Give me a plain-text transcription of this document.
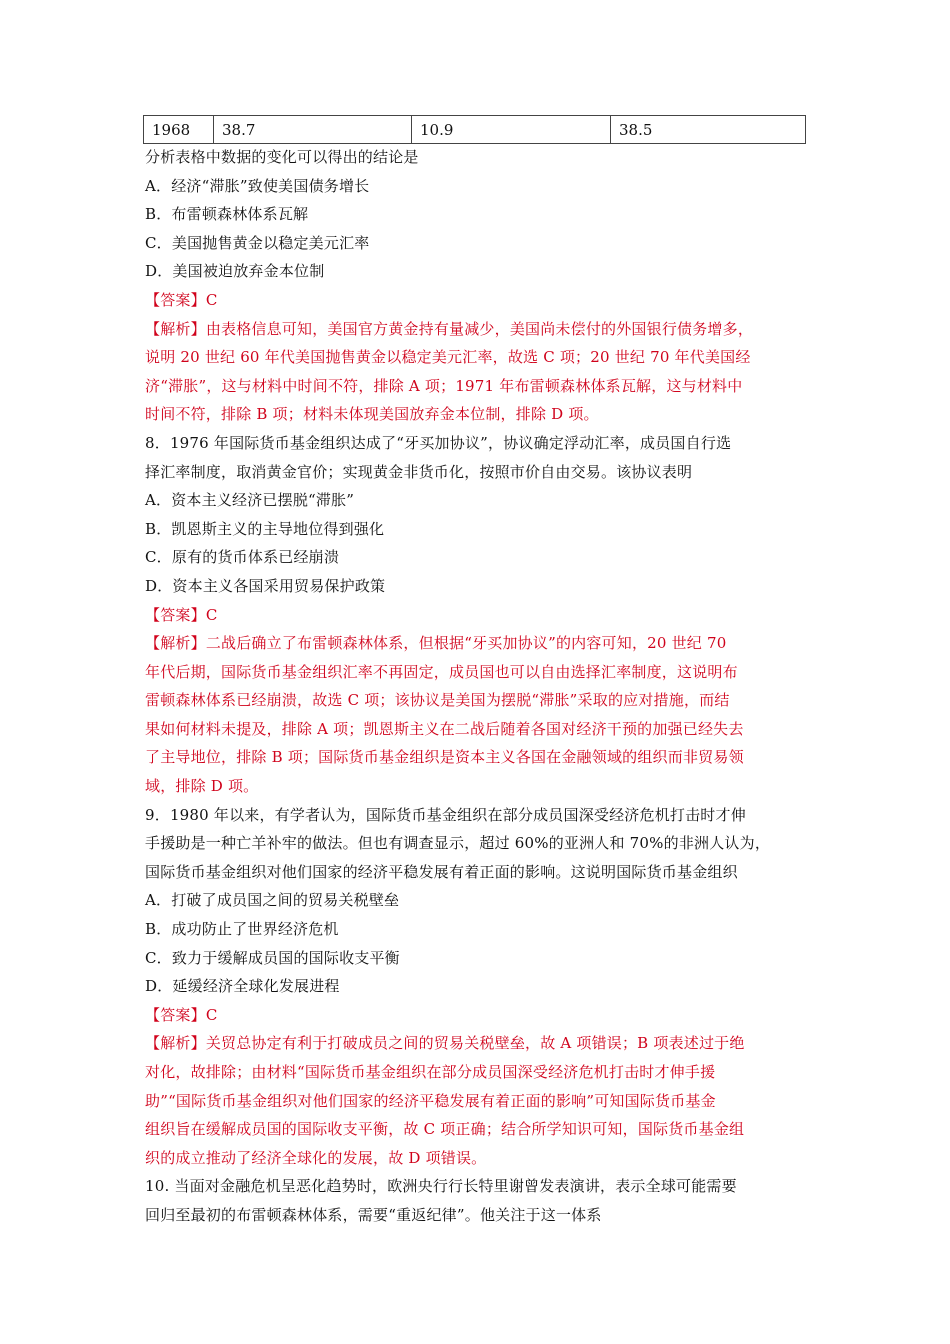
1968	38.7	10.9	38.5
分析表格中数据的变化可以得出的结论是
A．经济“滞胀”致使美国债务增长
B．布雷顿森林体系瓦解
C．美国抛售黄金以稳定美元汇率
D．美国被迫放弃金本位制
【答案】C
【解析】由表格信息可知，美国官方黄金持有量减少，美国尚未偿付的外国银行债务增多，
说明 20 世纪 60 年代美国抛售黄金以稳定美元汇率，故选 C 项；20 世纪 70 年代美国经
济“滞胀”，这与材料中时间不符，排除 A 项；1971 年布雷顿森林体系瓦解，这与材料中
时间不符，排除 B 项；材料未体现美国放弃金本位制，排除 D 项。
8．1976 年国际货币基金组织达成了“牙买加协议”，协议确定浮动汇率，成员国自行选
择汇率制度，取消黄金官价；实现黄金非货币化，按照市价自由交易。该协议表明
A．资本主义经济已摆脱“滞胀”
B．凯恩斯主义的主导地位得到强化
C．原有的货币体系已经崩溃
D．资本主义各国采用贸易保护政策
【答案】C
【解析】二战后确立了布雷顿森林体系，但根据“牙买加协议”的内容可知，20 世纪 70
年代后期，国际货币基金组织汇率不再固定，成员国也可以自由选择汇率制度，这说明布
雷顿森林体系已经崩溃，故选 C 项；该协议是美国为摆脱“滞胀”采取的应对措施，而结
果如何材料未提及，排除 A 项；凯恩斯主义在二战后随着各国对经济干预的加强已经失去
了主导地位，排除 B 项；国际货币基金组织是资本主义各国在金融领域的组织而非贸易领
域，排除 D 项。
9．1980 年以来，有学者认为，国际货币基金组织在部分成员国深受经济危机打击时才伸
手援助是一种亡羊补牢的做法。但也有调查显示，超过 60%的亚洲人和 70%的非洲人认为，
国际货币基金组织对他们国家的经济平稳发展有着正面的影响。这说明国际货币基金组织
A．打破了成员国之间的贸易关税壁垒
B．成功防止了世界经济危机
C．致力于缓解成员国的国际收支平衡
D．延缓经济全球化发展进程
【答案】C
【解析】关贸总协定有利于打破成员之间的贸易关税壁垒，故 A 项错误；B 项表述过于绝
对化，故排除；由材料“国际货币基金组织在部分成员国深受经济危机打击时才伸手援
助”“国际货币基金组织对他们国家的经济平稳发展有着正面的影响”可知国际货币基金
组织旨在缓解成员国的国际收支平衡，故 C 项正确；结合所学知识可知，国际货币基金组
织的成立推动了经济全球化的发展，故 D 项错误。
10. 当面对金融危机呈恶化趋势时，欧洲央行行长特里谢曾发表演讲，表示全球可能需要
回归至最初的布雷顿森林体系，需要“重返纪律”。他关注于这一体系
